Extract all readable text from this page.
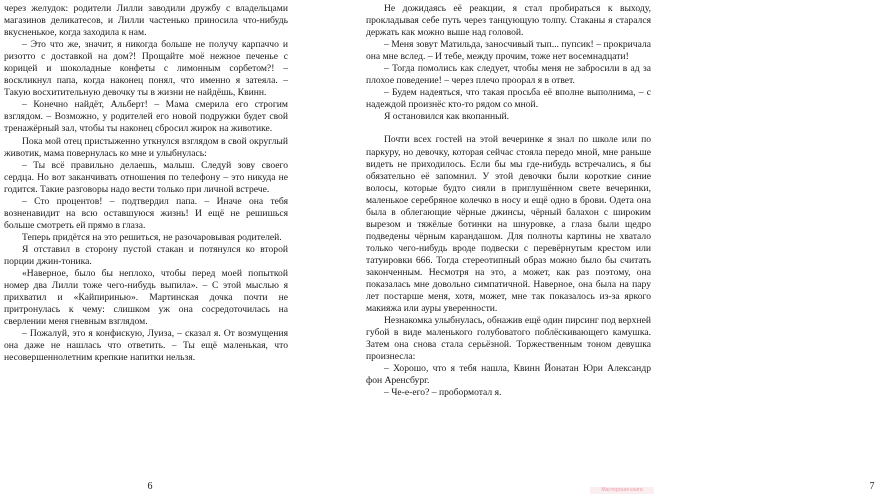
через желудок: родители Лилли заводили дружбу с владельцами магазинов деликатесов, и Лилли частенько приносила что-нибудь вкусненькое, когда заходила к нам.

– Это что же, значит, я никогда больше не получу карпаччо и ризотто с доставкой на дом?! Прощайте моё нежное печенье с корицей и шоколадные конфеты с лимонным сорбетом?! – воскликнул папа, когда наконец понял, что именно я затеяла. – Такую восхитительную девочку ты в жизни не найдёшь, Квинн.

– Конечно найдёт, Альберт! – Мама смерила его строгим взглядом. – Возможно, у родителей его новой подружки будет свой тренажёрный зал, чтобы ты наконец сбросил жирок на животике.

Пока мой отец пристыженно уткнулся взглядом в свой округлый животик, мама повернулась ко мне и улыбнулась:

– Ты всё правильно делаешь, малыш. Следуй зову своего сердца. Но вот заканчивать отношения по телефону – это никуда не годится. Такие разговоры надо вести только при личной встрече.

– Сто процентов! – подтвердил папа. – Иначе она тебя возненавидит на всю оставшуюся жизнь! И ещё не решишься больше смотреть ей прямо в глаза.

Теперь придётся на это решиться, не разочаровывая родителей.

Я отставил в сторону пустой стакан и потянулся ко второй порции джин-тоника.

«Наверное, было бы неплохо, чтобы перед моей попыткой номер два Лилли тоже чего-нибудь выпила». – С этой мыслью я прихватил и «Кайпиринью». Мартинская дочка почти не притронулась к чему: слишком уж она сосредоточилась на сверлении меня гневным взглядом.

– Пожалуй, это я конфискую, Луиза, – сказал я. От возмущения она даже не нашлась что ответить. – Ты ещё маленькая, что несовершеннолетним крепкие напитки нельзя.

6

Не дожидаясь её реакции, я стал пробираться к выходу, прокладывая себе путь через танцующую толпу. Стаканы я старался держать как можно выше над головой.

– Меня зовут Матильда, заносчивый тып... пупсик! – прокричала она мне вслед. – И тебе, между прочим, тоже нет восемнадцати!

– Тогда помолись как следует, чтобы меня не забросили в ад за плохое поведение! – через плечо проорал я в ответ.

– Будем надеяться, что такая просьба её вполне выполнима, – с надеждой произнёс кто-то рядом со мной.

Я остановился как вкопанный.

Почти всех гостей на этой вечеринке я знал по школе или по паркуру, но девочку, которая сейчас стояла передо мной, мне раньше видеть не приходилось. Если бы мы где-нибудь встречались, я бы обязательно её запомнил. У этой девочки были короткие синие волосы, которые будто сияли в приглушённом свете вечеринки, маленькое серебряное колечко в носу и ещё одно в брови. Одета она была в облегающие чёрные джинсы, чёрный балахон с широким вырезом и тяжёлые ботинки на шнуровке, а глаза были щедро подведены чёрным карандашом. Для полноты картины не хватало только чего-нибудь вроде подвески с перевёрнутым крестом или татуировки 666. Тогда стереотипный образ можно было бы считать законченным. Несмотря на это, а может, как раз поэтому, она показалась мне довольно симпатичной. Наверное, она была на пару лет постарше меня, хотя, может, мне так показалось из-за яркого макияжа или ауры уверенности.

Незнакомка улыбнулась, обнажив ещё один пирсинг под верхней губой в виде маленького голубоватого поблёскивающего камушка. Затем она снова стала серьёзной. Торжественным тоном девушка произнесла:

– Хорошо, что я тебя нашла, Квинн Йонатан Юри Александр фон Аренсбург.

– Че-е-его? – пробормотал я.

7
Мастерская книги
